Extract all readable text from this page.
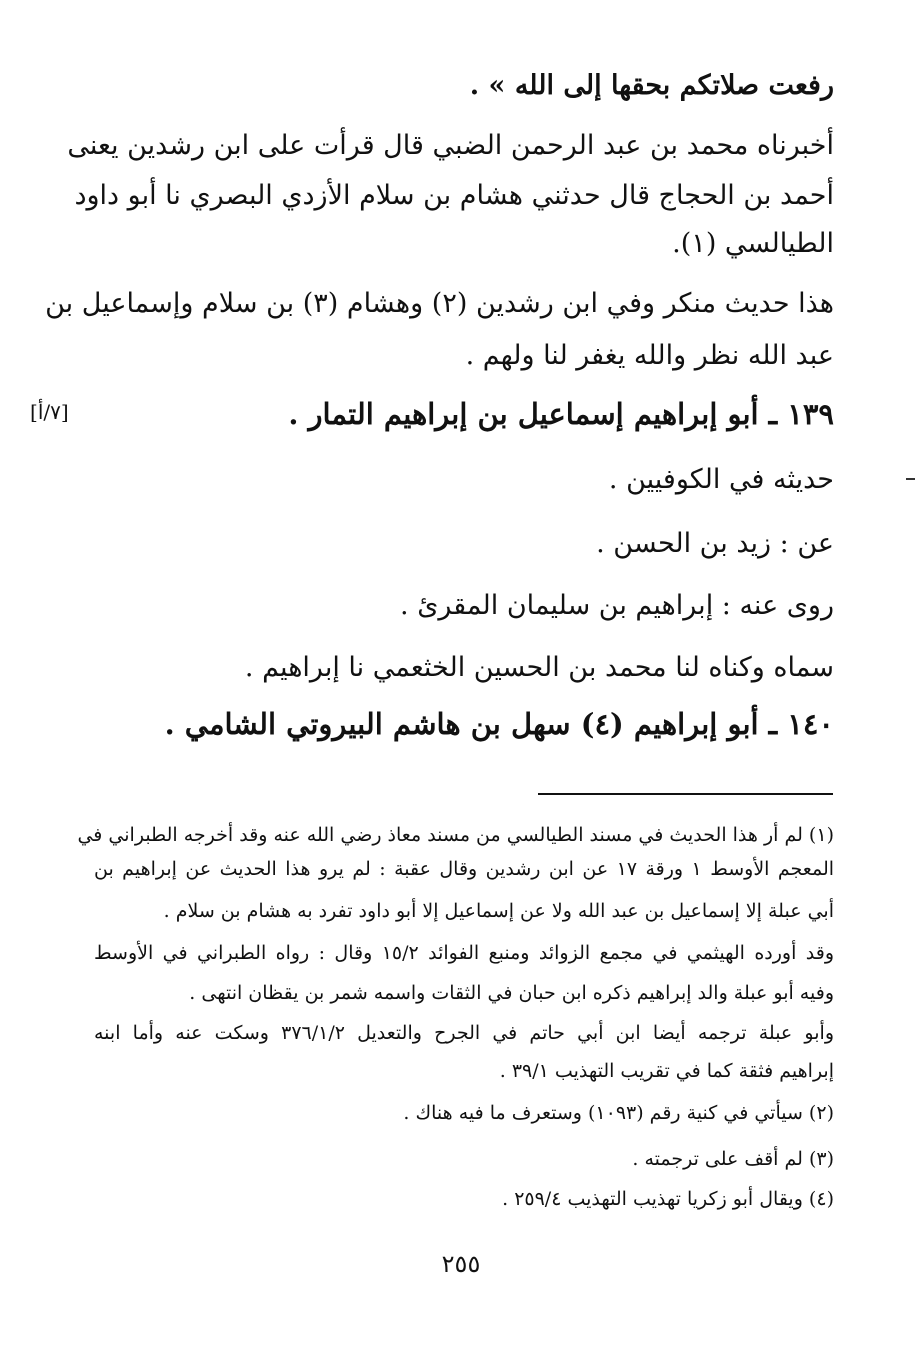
رفعت صلاتكم بحقها إلى الله » .
أخبرناه محمد بن عبد الرحمن الضبي قال قرأت على ابن رشدين يعنى
أحمد بن الحجاج قال حدثني هشام بن سلام الأزدي البصري نا أبو داود
الطيالسي (١).
هذا حديث منكر وفي ابن رشدين (٢) وهشام (٣) بن سلام وإسماعيل بن
عبد الله نظر والله يغفر لنا ولهم .
١٣٩ ـ أبو إبراهيم إسماعيل بن إبراهيم التمار .
حديثه في الكوفيين .
عن : زيد بن الحسن .
روى عنه : إبراهيم بن سليمان المقرئ .
سماه وكناه لنا محمد بن الحسين الخثعمي نا إبراهيم .
١٤٠ ـ أبو إبراهيم (٤) سهل بن هاشم البيروتي الشامي .
[٧/أ]
(١) لم أر هذا الحديث في مسند الطيالسي من مسند معاذ رضي الله عنه وقد أخرجه الطبراني في
المعجم الأوسط ١ ورقة ١٧ عن ابن رشدين وقال عقبة : لم يرو هذا الحديث عن إبراهيم بن
أبي عبلة إلا إسماعيل بن عبد الله ولا عن إسماعيل إلا أبو داود تفرد به هشام بن سلام .
وقد أورده الهيثمي في مجمع الزوائد ومنبع الفوائد ١٥/٢ وقال : رواه الطبراني في الأوسط
وفيه أبو عبلة والد إبراهيم ذكره ابن حبان في الثقات واسمه شمر بن يقظان انتهى .
وأبو عبلة ترجمه أيضا ابن أبي حاتم في الجرح والتعديل ٣٧٦/١/٢ وسكت عنه وأما ابنه
إبراهيم فثقة كما في تقريب التهذيب ٣٩/١ .
(٢) سيأتي في كنية رقم (١٠٩٣) وستعرف ما فيه هناك .
(٣) لم أقف على ترجمته .
(٤) ويقال أبو زكريا تهذيب التهذيب ٢٥٩/٤ .
٢٥٥
